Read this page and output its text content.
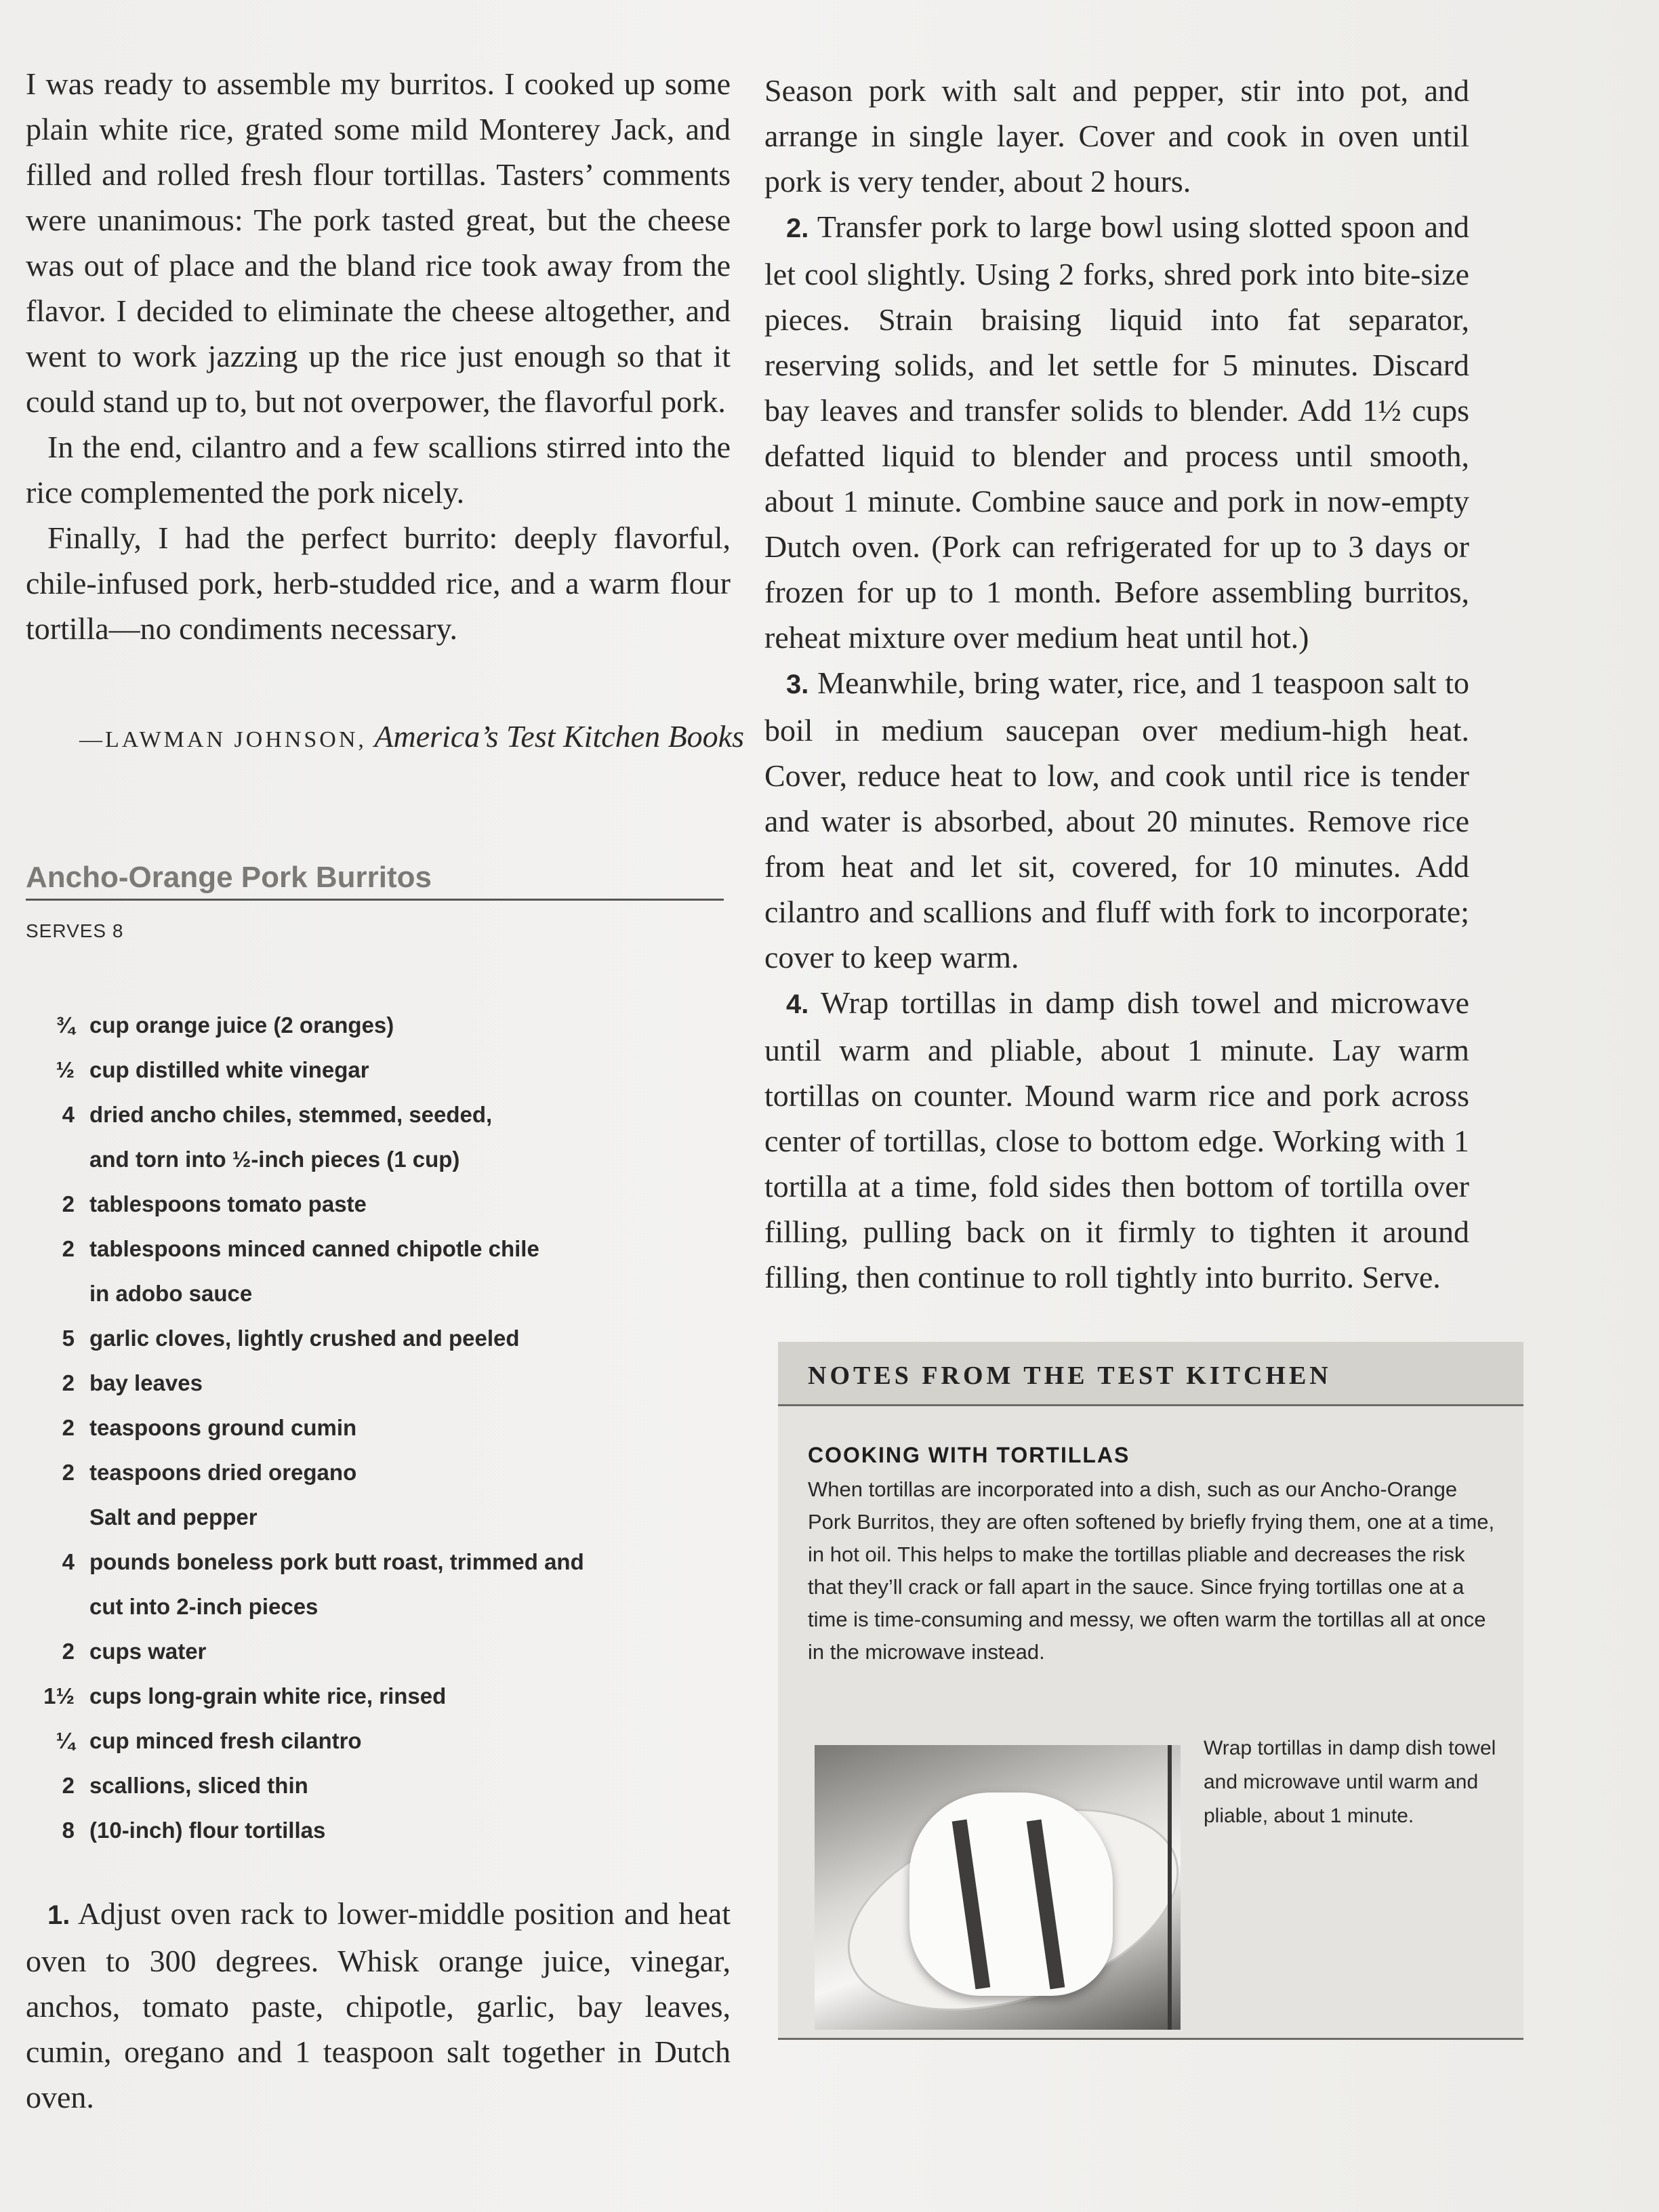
I was ready to assemble my burritos. I cooked up some plain white rice, grated some mild Monterey Jack, and filled and rolled fresh flour tortillas. Tasters’ comments were unanimous: The pork tasted great, but the cheese was out of place and the bland rice took away from the flavor. I decided to eliminate the cheese altogether, and went to work jazzing up the rice just enough so that it could stand up to, but not overpower, the flavorful pork.

In the end, cilantro and a few scallions stirred into the rice complemented the pork nicely.

Finally, I had the perfect burrito: deeply flavorful, chile-infused pork, herb-studded rice, and a warm flour tortilla—no condiments necessary.

—LAWMAN JOHNSON, America’s Test Kitchen Books
Ancho-Orange Pork Burritos
SERVES 8
¾ cup orange juice (2 oranges)
½ cup distilled white vinegar
4 dried ancho chiles, stemmed, seeded,
and torn into ½-inch pieces (1 cup)
2 tablespoons tomato paste
2 tablespoons minced canned chipotle chile
in adobo sauce
5 garlic cloves, lightly crushed and peeled
2 bay leaves
2 teaspoons ground cumin
2 teaspoons dried oregano
Salt and pepper
4 pounds boneless pork butt roast, trimmed and
cut into 2-inch pieces
2 cups water
1½ cups long-grain white rice, rinsed
¼ cup minced fresh cilantro
2 scallions, sliced thin
8 (10-inch) flour tortillas

1. Adjust oven rack to lower-middle position and heat oven to 300 degrees. Whisk orange juice, vinegar, anchos, tomato paste, chipotle, garlic, bay leaves, cumin, oregano and 1 teaspoon salt together in Dutch oven.

Season pork with salt and pepper, stir into pot, and arrange in single layer. Cover and cook in oven until pork is very tender, about 2 hours.

2. Transfer pork to large bowl using slotted spoon and let cool slightly. Using 2 forks, shred pork into bite-size pieces. Strain braising liquid into fat separator, reserving solids, and let settle for 5 minutes. Discard bay leaves and transfer solids to blender. Add 1½ cups defatted liquid to blender and process until smooth, about 1 minute. Combine sauce and pork in now-empty Dutch oven. (Pork can refrigerated for up to 3 days or frozen for up to 1 month. Before assembling burritos, reheat mixture over medium heat until hot.)

3. Meanwhile, bring water, rice, and 1 teaspoon salt to boil in medium saucepan over medium-high heat. Cover, reduce heat to low, and cook until rice is tender and water is absorbed, about 20 minutes. Remove rice from heat and let sit, covered, for 10 minutes. Add cilantro and scallions and fluff with fork to incorporate; cover to keep warm.

4. Wrap tortillas in damp dish towel and microwave until warm and pliable, about 1 minute. Lay warm tortillas on counter. Mound warm rice and pork across center of tortillas, close to bottom edge. Working with 1 tortilla at a time, fold sides then bottom of tortilla over filling, pulling back on it firmly to tighten it around filling, then continue to roll tightly into burrito. Serve.

NOTES FROM THE TEST KITCHEN
COOKING WITH TORTILLAS
When tortillas are incorporated into a dish, such as our Ancho-Orange Pork Burritos, they are often softened by briefly frying them, one at a time, in hot oil. This helps to make the tortillas pliable and decreases the risk that they’ll crack or fall apart in the sauce. Since frying tortillas one at a time is time-consuming and messy, we often warm the tortillas all at once in the microwave instead.
Wrap tortillas in damp dish towel and microwave until warm and pliable, about 1 minute.
